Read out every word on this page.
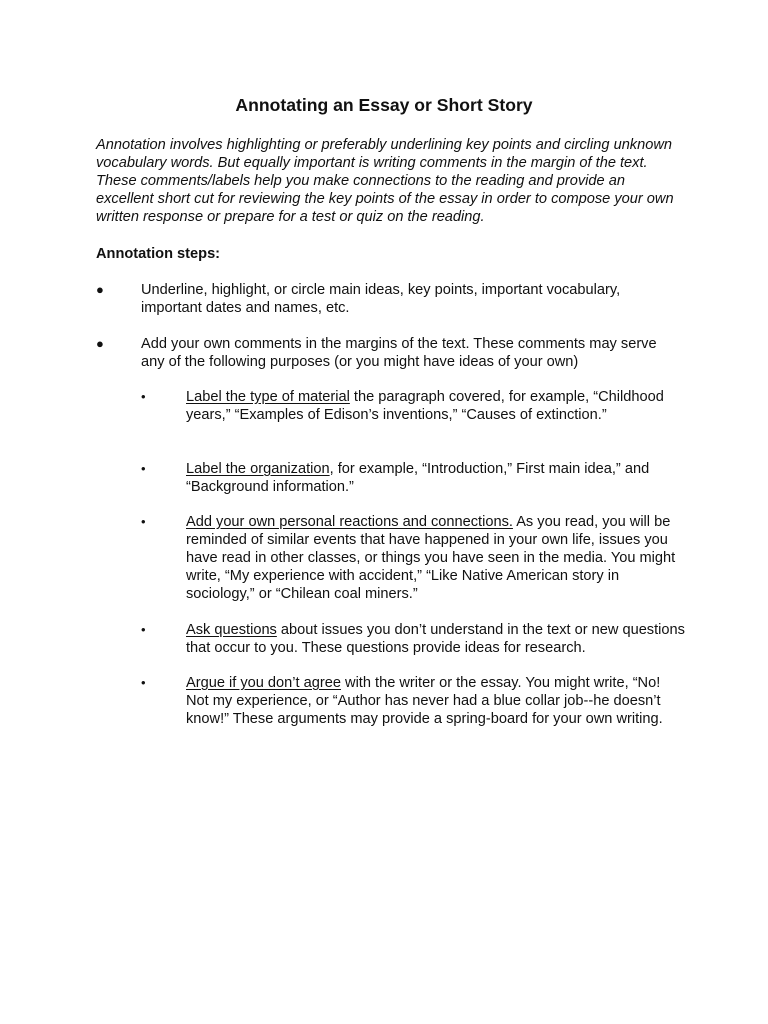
Annotating an Essay or Short Story

Annotation involves highlighting or preferably underlining key points and circling unknown vocabulary words. But equally important is writing comments in the margin of the text. These comments/labels help you make connections to the reading and provide an excellent short cut for reviewing the key points of the essay in order to compose your own written response or prepare for a test or quiz on the reading.

Annotation steps:

●	Underline, highlight, or circle main ideas, key points, important vocabulary, important dates and names, etc.

●	Add your own comments in the margins of the text. These comments may serve any of the following purposes (or you might have ideas of your own)

•	Label the type of material the paragraph covered, for example, “Childhood years,” “Examples of Edison’s inventions,” “Causes of extinction.”

•	Label the organization, for example, “Introduction,” First main idea,” and “Background information.”

•	Add your own personal reactions and connections. As you read, you will be reminded of similar events that have happened in your own life, issues you have read in other classes, or things you have seen in the media. You might write, “My experience with accident,” “Like Native American story in sociology,” or “Chilean coal miners.”

•	Ask questions about issues you don’t understand in the text or new questions that occur to you. These questions provide ideas for research.

•	Argue if you don’t agree with the writer or the essay. You might write, “No! Not my experience, or “Author has never had a blue collar job--he doesn’t know!” These arguments may provide a spring-board for your own writing.
